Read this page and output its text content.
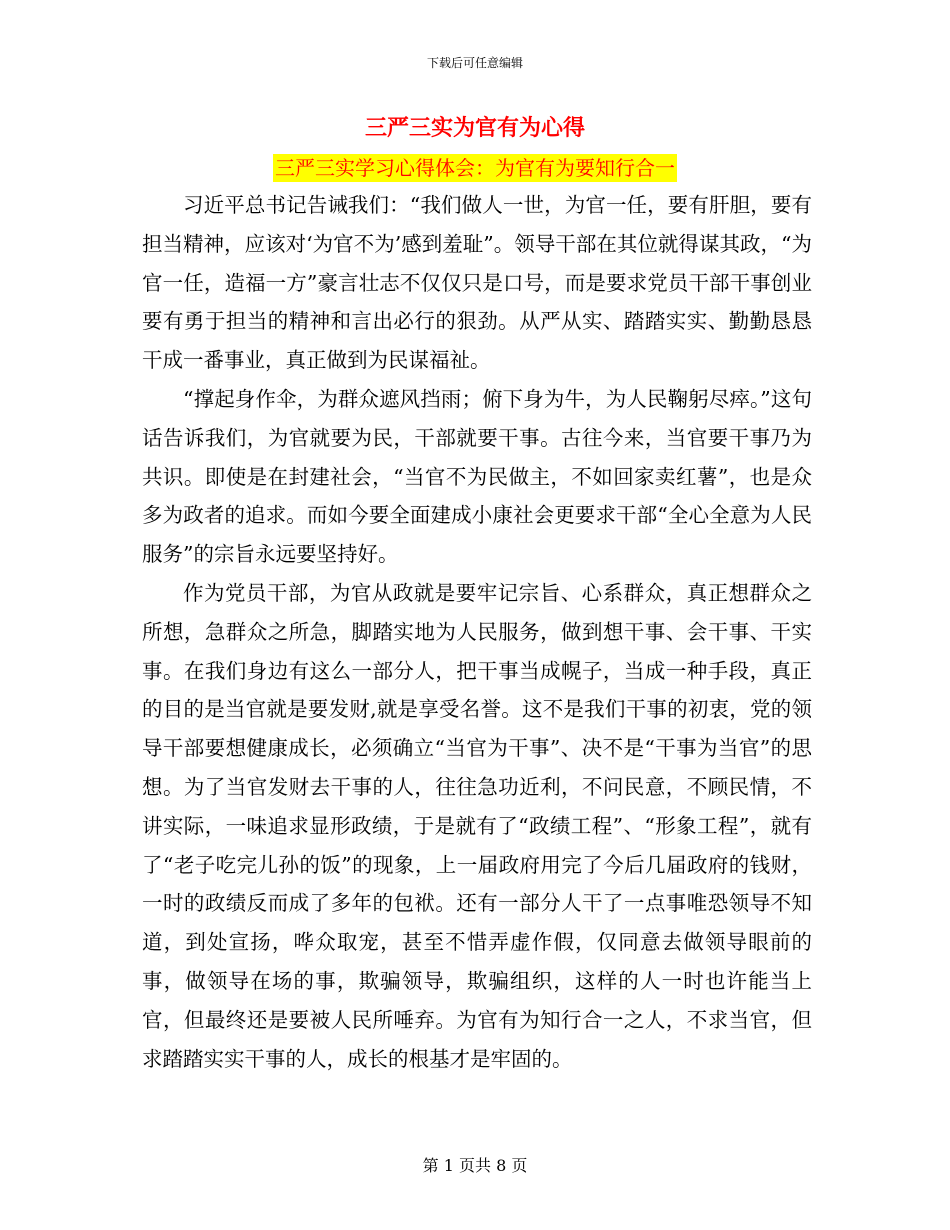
下载后可任意编辑
三严三实为官有为心得
三严三实学习心得体会：为官有为要知行合一

习近平总书记告诫我们：“我们做人一世，为官一任，要有肝胆，要有担当精神，应该对‘为官不为’感到羞耻”。领导干部在其位就得谋其政，“为官一任，造福一方”豪言壮志不仅仅只是口号，而是要求党员干部干事创业要有勇于担当的精神和言出必行的狠劲。从严从实、踏踏实实、勤勤恳恳干成一番事业，真正做到为民谋福祉。

“撑起身作伞，为群众遮风挡雨；俯下身为牛，为人民鞠躬尽瘁。”这句话告诉我们，为官就要为民，干部就要干事。古往今来，当官要干事乃为共识。即使是在封建社会，“当官不为民做主，不如回家卖红薯”，也是众多为政者的追求。而如今要全面建成小康社会更要求干部“全心全意为人民服务”的宗旨永远要坚持好。

作为党员干部，为官从政就是要牢记宗旨、心系群众，真正想群众之所想，急群众之所急，脚踏实地为人民服务，做到想干事、会干事、干实事。在我们身边有这么一部分人，把干事当成幌子，当成一种手段，真正的目的是当官就是要发财,就是享受名誉。这不是我们干事的初衷，党的领导干部要想健康成长，必须确立“当官为干事”、决不是“干事为当官”的思想。为了当官发财去干事的人，往往急功近利，不问民意，不顾民情，不讲实际，一味追求显形政绩，于是就有了“政绩工程”、“形象工程”，就有了“老子吃完儿孙的饭”的现象，上一届政府用完了今后几届政府的钱财，一时的政绩反而成了多年的包袱。还有一部分人干了一点事唯恐领导不知道，到处宣扬，哗众取宠，甚至不惜弄虚作假，仅同意去做领导眼前的事，做领导在场的事，欺骗领导，欺骗组织，这样的人一时也许能当上官，但最终还是要被人民所唾弃。为官有为知行合一之人，不求当官，但求踏踏实实干事的人，成长的根基才是牢固的。

第 1 页共 8 页
